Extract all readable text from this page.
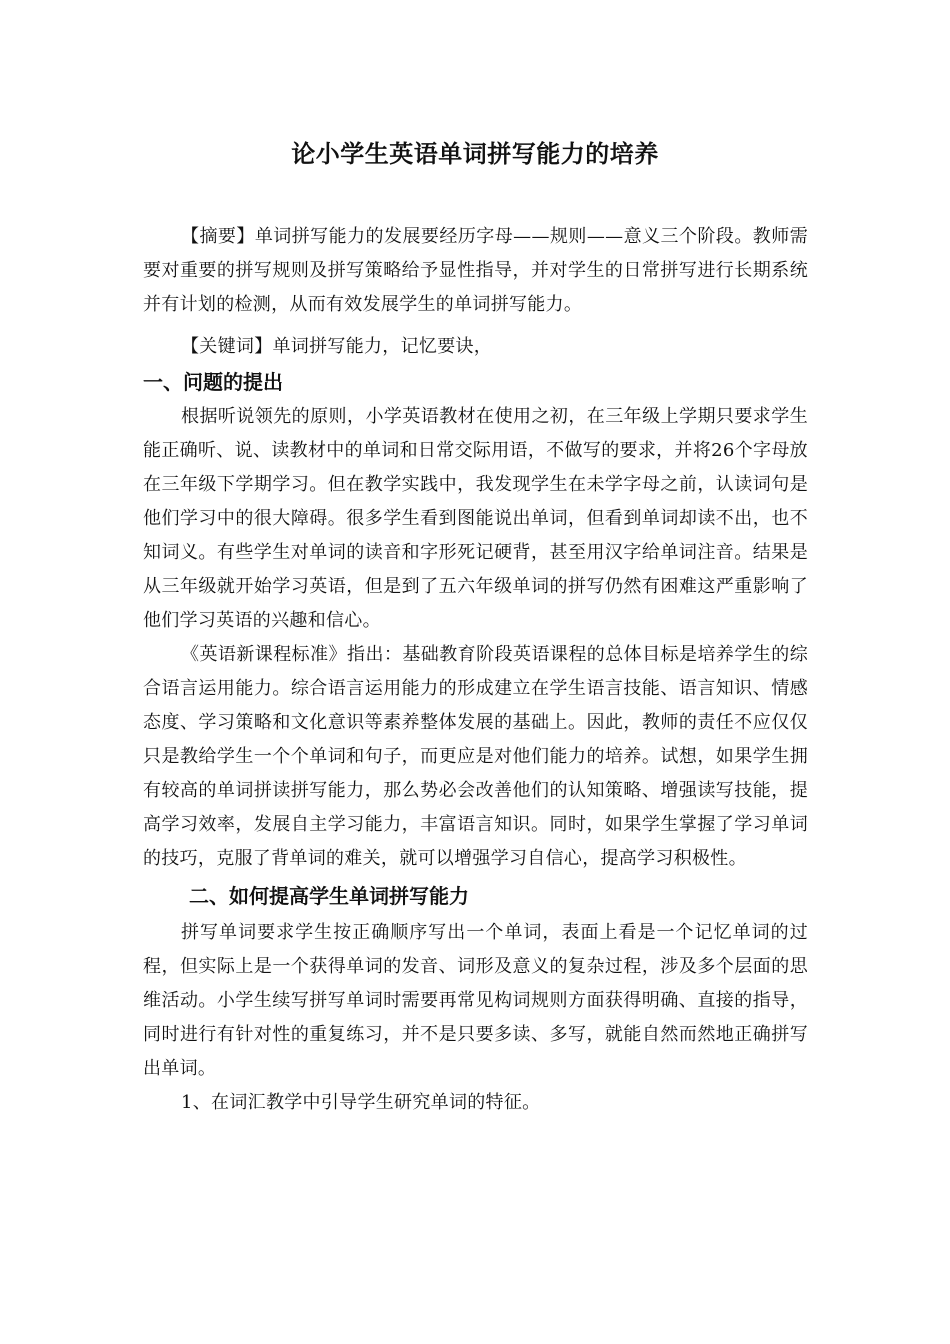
论小学生英语单词拼写能力的培养

【摘要】单词拼写能力的发展要经历字母——规则——意义三个阶段。教师需要对重要的拼写规则及拼写策略给予显性指导，并对学生的日常拼写进行长期系统并有计划的检测，从而有效发展学生的单词拼写能力。

【关键词】单词拼写能力，记忆要诀，

一、问题的提出

根据听说领先的原则，小学英语教材在使用之初，在三年级上学期只要求学生能正确听、说、读教材中的单词和日常交际用语，不做写的要求，并将26个字母放在三年级下学期学习。但在教学实践中，我发现学生在未学字母之前，认读词句是他们学习中的很大障碍。很多学生看到图能说出单词，但看到单词却读不出，也不知词义。有些学生对单词的读音和字形死记硬背，甚至用汉字给单词注音。结果是从三年级就开始学习英语，但是到了五六年级单词的拼写仍然有困难这严重影响了他们学习英语的兴趣和信心。

《英语新课程标准》指出：基础教育阶段英语课程的总体目标是培养学生的综合语言运用能力。综合语言运用能力的形成建立在学生语言技能、语言知识、情感态度、学习策略和文化意识等素养整体发展的基础上。因此，教师的责任不应仅仅只是教给学生一个个单词和句子，而更应是对他们能力的培养。试想，如果学生拥有较高的单词拼读拼写能力，那么势必会改善他们的认知策略、增强读写技能，提高学习效率，发展自主学习能力，丰富语言知识。同时，如果学生掌握了学习单词的技巧，克服了背单词的难关，就可以增强学习自信心，提高学习积极性。

二、如何提高学生单词拼写能力

拼写单词要求学生按正确顺序写出一个单词，表面上看是一个记忆单词的过程，但实际上是一个获得单词的发音、词形及意义的复杂过程，涉及多个层面的思维活动。小学生续写拼写单词时需要再常见构词规则方面获得明确、直接的指导，同时进行有针对性的重复练习，并不是只要多读、多写，就能自然而然地正确拼写出单词。

1、在词汇教学中引导学生研究单词的特征。
